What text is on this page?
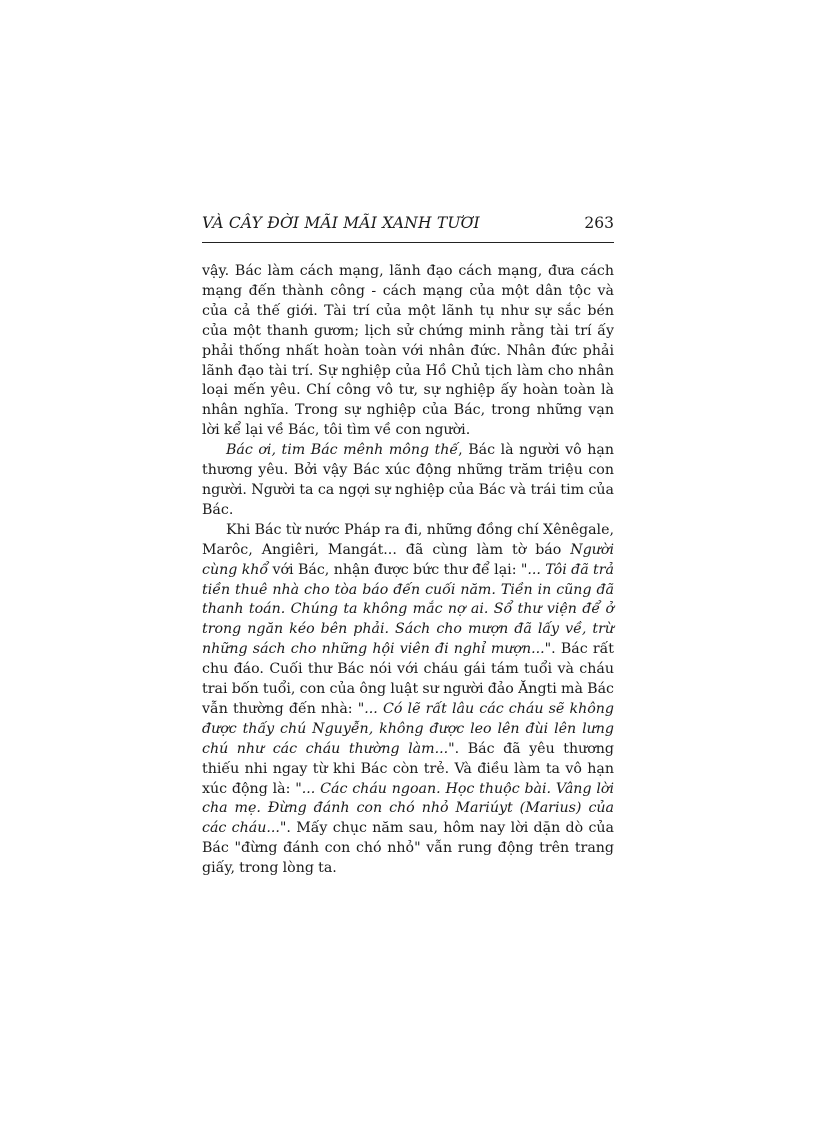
VÀ CÂY ĐỜI MÃI MÃI XANH TƯƠI	263

vậy. Bác làm cách mạng, lãnh đạo cách mạng, đưa cách mạng đến thành công - cách mạng của một dân tộc và của cả thế giới. Tài trí của một lãnh tụ như sự sắc bén của một thanh gươm; lịch sử chứng minh rằng tài trí ấy phải thống nhất hoàn toàn với nhân đức. Nhân đức phải lãnh đạo tài trí. Sự nghiệp của Hồ Chủ tịch làm cho nhân loại mến yêu. Chí công vô tư, sự nghiệp ấy hoàn toàn là nhân nghĩa. Trong sự nghiệp của Bác, trong những vạn lời kể lại về Bác, tôi tìm về con người.

Bác ơi, tim Bác mênh mông thế, Bác là người vô hạn thương yêu. Bởi vậy Bác xúc động những trăm triệu con người. Người ta ca ngợi sự nghiệp của Bác và trái tim của Bác.

Khi Bác từ nước Pháp ra đi, những đồng chí Xênêgale, Marôc, Angiêri, Mangát... đã cùng làm tờ báo Người cùng khổ với Bác, nhận được bức thư để lại: "... Tôi đã trả tiền thuê nhà cho tòa báo đến cuối năm. Tiền in cũng đã thanh toán. Chúng ta không mắc nợ ai. Sổ thư viện để ở trong ngăn kéo bên phải. Sách cho mượn đã lấy về, trừ những sách cho những hội viên đi nghỉ mượn...". Bác rất chu đáo. Cuối thư Bác nói với cháu gái tám tuổi và cháu trai bốn tuổi, con của ông luật sư người đảo Ăngti mà Bác vẫn thường đến nhà: "... Có lẽ rất lâu các cháu sẽ không được thấy chú Nguyễn, không được leo lên đùi lên lưng chú như các cháu thường làm...". Bác đã yêu thương thiếu nhi ngay từ khi Bác còn trẻ. Và điều làm ta vô hạn xúc động là: "... Các cháu ngoan. Học thuộc bài. Vâng lời cha mẹ. Đừng đánh con chó nhỏ Mariúyt (Marius) của các cháu...". Mấy chục năm sau, hôm nay lời dặn dò của Bác "đừng đánh con chó nhỏ" vẫn rung động trên trang giấy, trong lòng ta.
